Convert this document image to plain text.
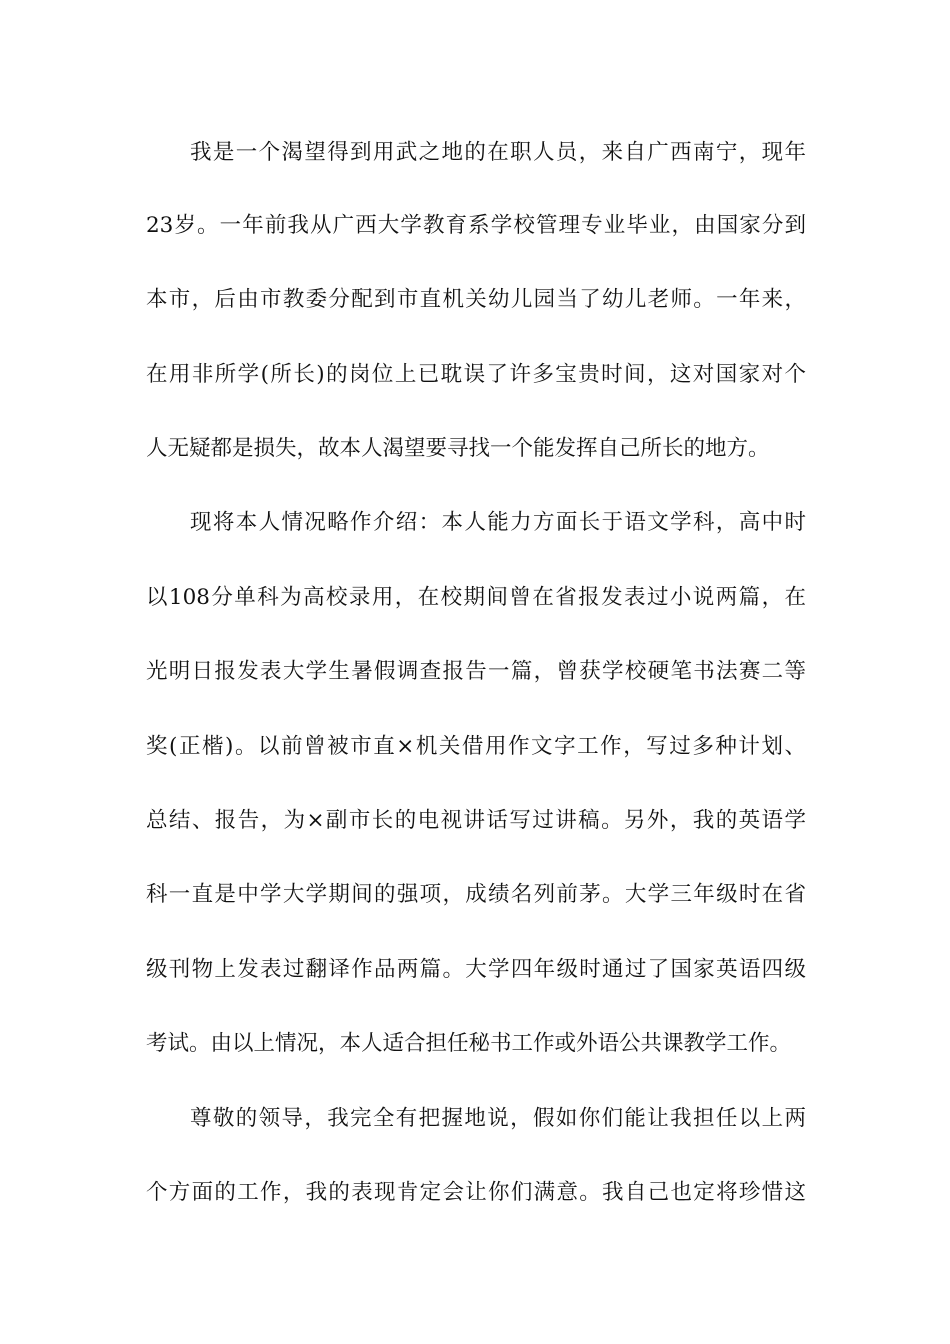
我是一个渴望得到用武之地的在职人员，来自广西南宁，现年
23岁。一年前我从广西大学教育系学校管理专业毕业，由国家分到
本市，后由市教委分配到市直机关幼儿园当了幼儿老师。一年来，
在用非所学(所长)的岗位上已耽误了许多宝贵时间，这对国家对个
人无疑都是损失，故本人渴望要寻找一个能发挥自己所长的地方。
现将本人情况略作介绍：本人能力方面长于语文学科，高中时
以108分单科为高校录用，在校期间曾在省报发表过小说两篇，在
光明日报发表大学生暑假调查报告一篇，曾获学校硬笔书法赛二等
奖(正楷)。以前曾被市直×机关借用作文字工作，写过多种计划、
总结、报告，为×副市长的电视讲话写过讲稿。另外，我的英语学
科一直是中学大学期间的强项，成绩名列前茅。大学三年级时在省
级刊物上发表过翻译作品两篇。大学四年级时通过了国家英语四级
考试。由以上情况，本人适合担任秘书工作或外语公共课教学工作。
尊敬的领导，我完全有把握地说，假如你们能让我担任以上两
个方面的工作，我的表现肯定会让你们满意。我自己也定将珍惜这
